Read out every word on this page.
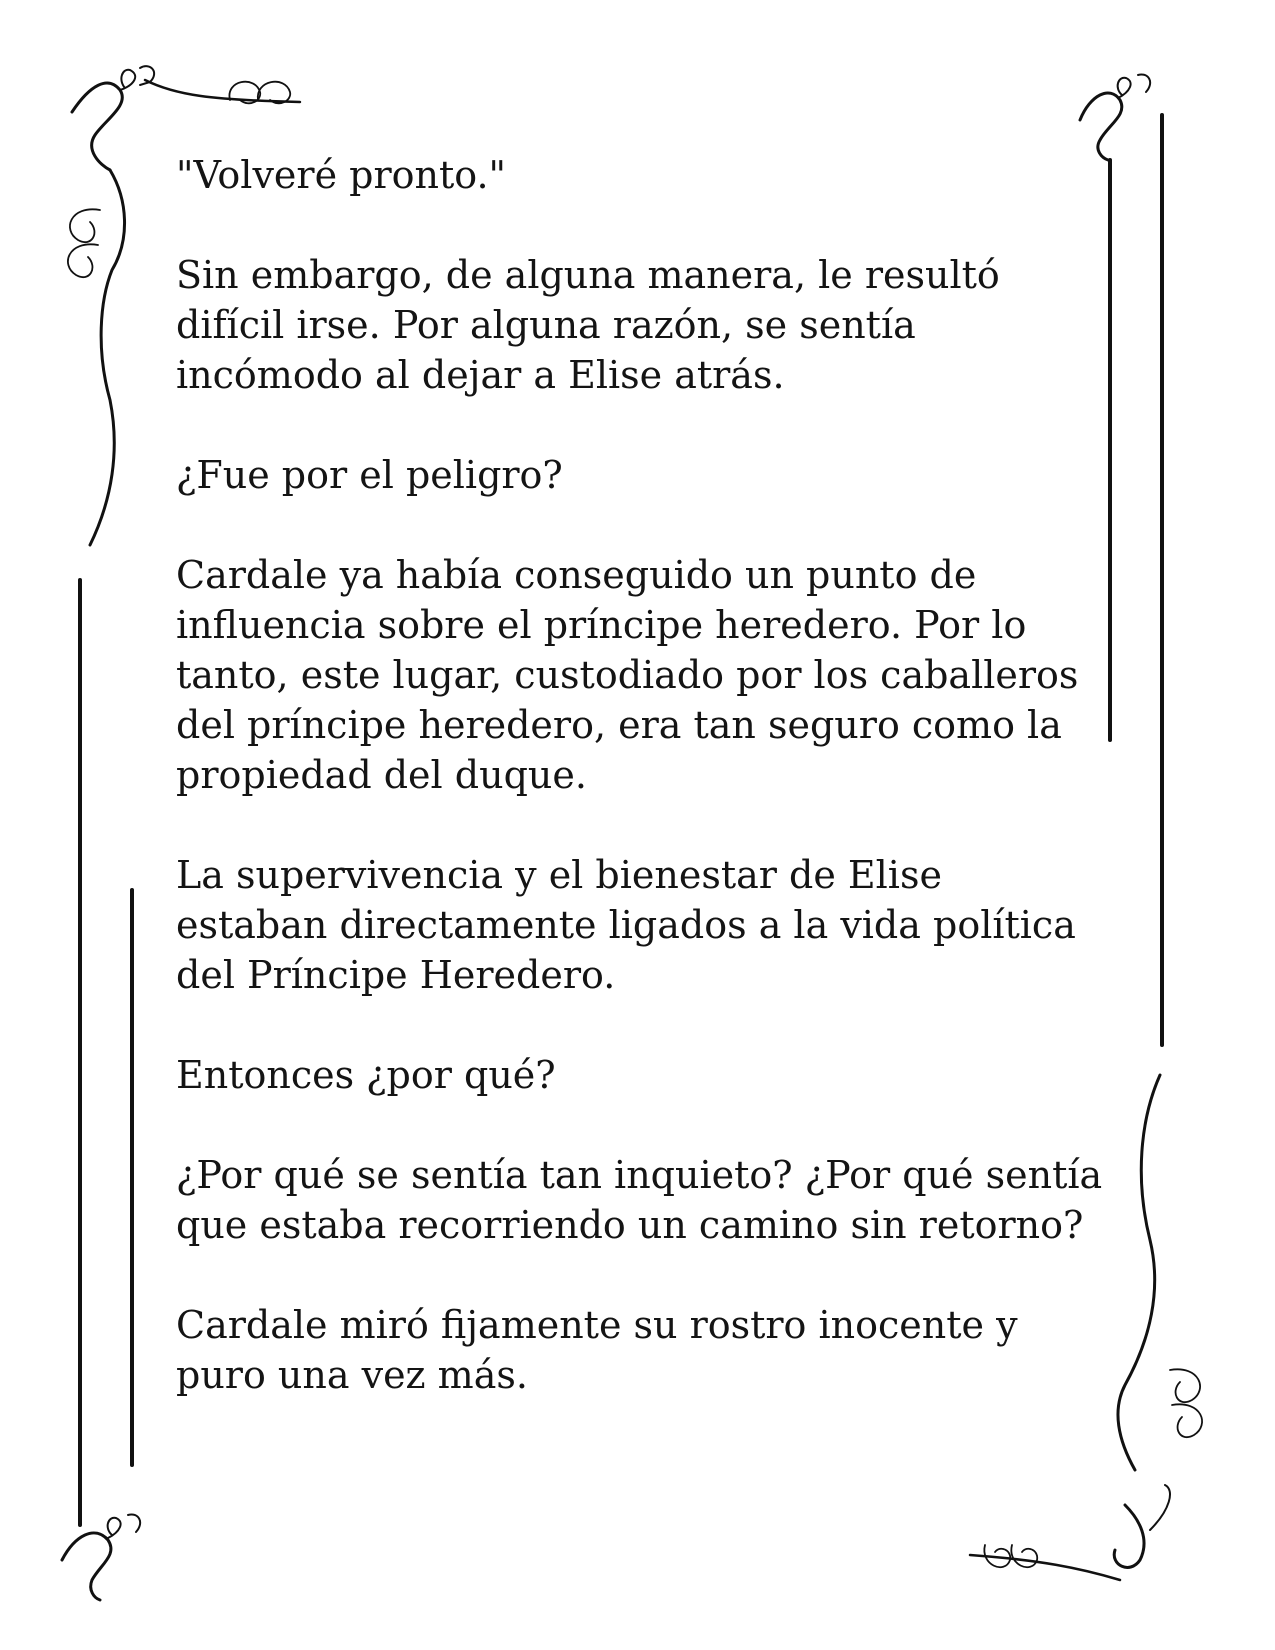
"Volveré pronto."

Sin embargo, de alguna manera, le resultó
difícil irse. Por alguna razón, se sentía
incómodo al dejar a Elise atrás.

¿Fue por el peligro?

Cardale ya había conseguido un punto de
influencia sobre el príncipe heredero. Por lo
tanto, este lugar, custodiado por los caballeros
del príncipe heredero, era tan seguro como la
propiedad del duque.

La supervivencia y el bienestar de Elise
estaban directamente ligados a la vida política
del Príncipe Heredero.

Entonces ¿por qué?

¿Por qué se sentía tan inquieto? ¿Por qué sentía
que estaba recorriendo un camino sin retorno?

Cardale miró fijamente su rostro inocente y
puro una vez más.
